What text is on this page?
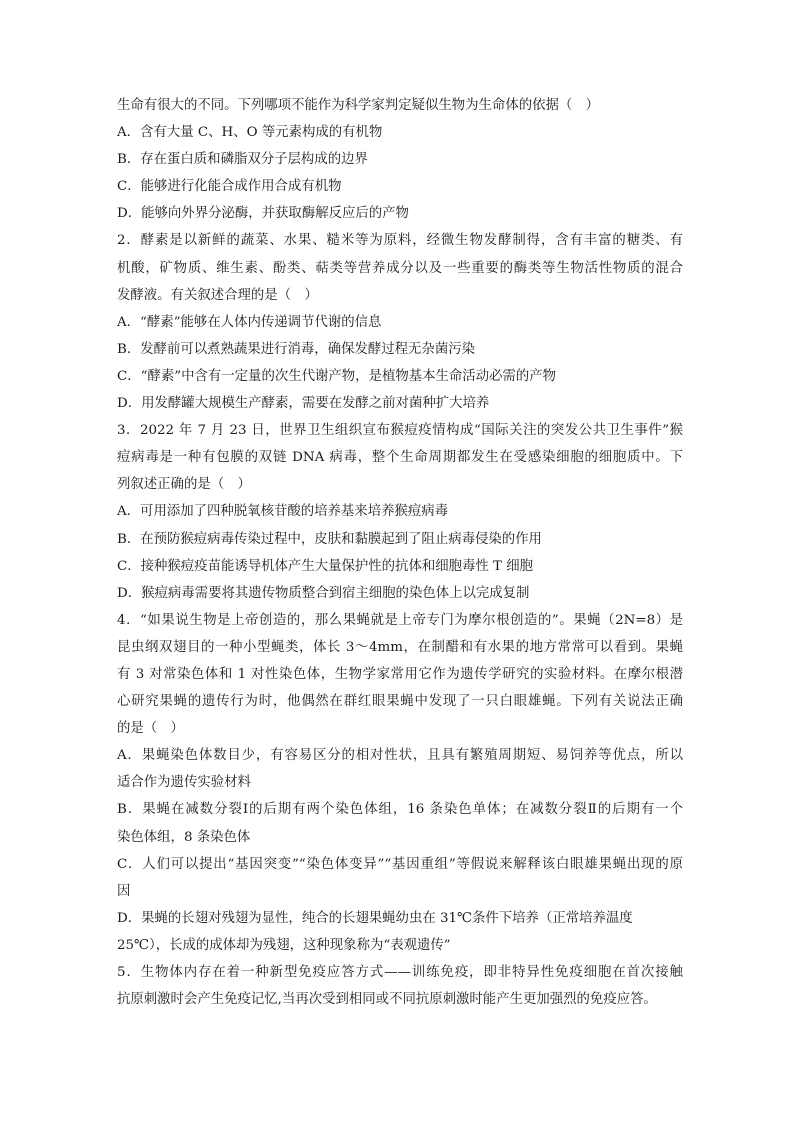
生命有很大的不同。下列哪项不能作为科学家判定疑似生物为生命体的依据（　）
A．含有大量 C、H、O 等元素构成的有机物
B．存在蛋白质和磷脂双分子层构成的边界
C．能够进行化能合成作用合成有机物
D．能够向外界分泌酶，并获取酶解反应后的产物
2．酵素是以新鲜的蔬菜、水果、糙米等为原料，经微生物发酵制得，含有丰富的糖类、有
机酸，矿物质、维生素、酚类、萜类等营养成分以及一些重要的酶类等生物活性物质的混合
发酵液。有关叙述合理的是（　）
A．“酵素”能够在人体内传递调节代谢的信息
B．发酵前可以煮熟蔬果进行消毒，确保发酵过程无杂菌污染
C．“酵素”中含有一定量的次生代谢产物，是植物基本生命活动必需的产物
D．用发酵罐大规模生产酵素，需要在发酵之前对菌种扩大培养
3．2022 年 7 月 23 日，世界卫生组织宣布猴痘疫情构成“国际关注的突发公共卫生事件”猴
痘病毒是一种有包膜的双链 DNA 病毒，整个生命周期都发生在受感染细胞的细胞质中。下
列叙述正确的是（　）
A．可用添加了四种脱氧核苷酸的培养基来培养猴痘病毒
B．在预防猴痘病毒传染过程中，皮肤和黏膜起到了阻止病毒侵染的作用
C．接种猴痘疫苗能诱导机体产生大量保护性的抗体和细胞毒性 T 细胞
D．猴痘病毒需要将其遗传物质整合到宿主细胞的染色体上以完成复制
4．“如果说生物是上帝创造的，那么果蝇就是上帝专门为摩尔根创造的”。果蝇（2N=8）是
昆虫纲双翅目的一种小型蝇类，体长 3～4mm，在制醋和有水果的地方常常可以看到。果蝇
有 3 对常染色体和 1 对性染色体，生物学家常用它作为遗传学研究的实验材料。在摩尔根潜
心研究果蝇的遗传行为时，他偶然在群红眼果蝇中发现了一只白眼雄蝇。下列有关说法正确
的是（　）
A．果蝇染色体数目少，有容易区分的相对性状，且具有繁殖周期短、易饲养等优点，所以
适合作为遗传实验材料
B．果蝇在减数分裂Ⅰ的后期有两个染色体组，16 条染色单体；在减数分裂Ⅱ的后期有一个
染色体组，8 条染色体
C．人们可以提出“基因突变”“染色体变异”“基因重组”等假说来解释该白眼雄果蝇出现的原
因
D．果蝇的长翅对残翅为显性，纯合的长翅果蝇幼虫在 31℃条件下培养（正常培养温度
25℃），长成的成体却为残翅，这种现象称为“表观遗传”
5．生物体内存在着一种新型免疫应答方式——训练免疫，即非特异性免疫细胞在首次接触
抗原刺激时会产生免疫记忆,当再次受到相同或不同抗原刺激时能产生更加强烈的免疫应答。
